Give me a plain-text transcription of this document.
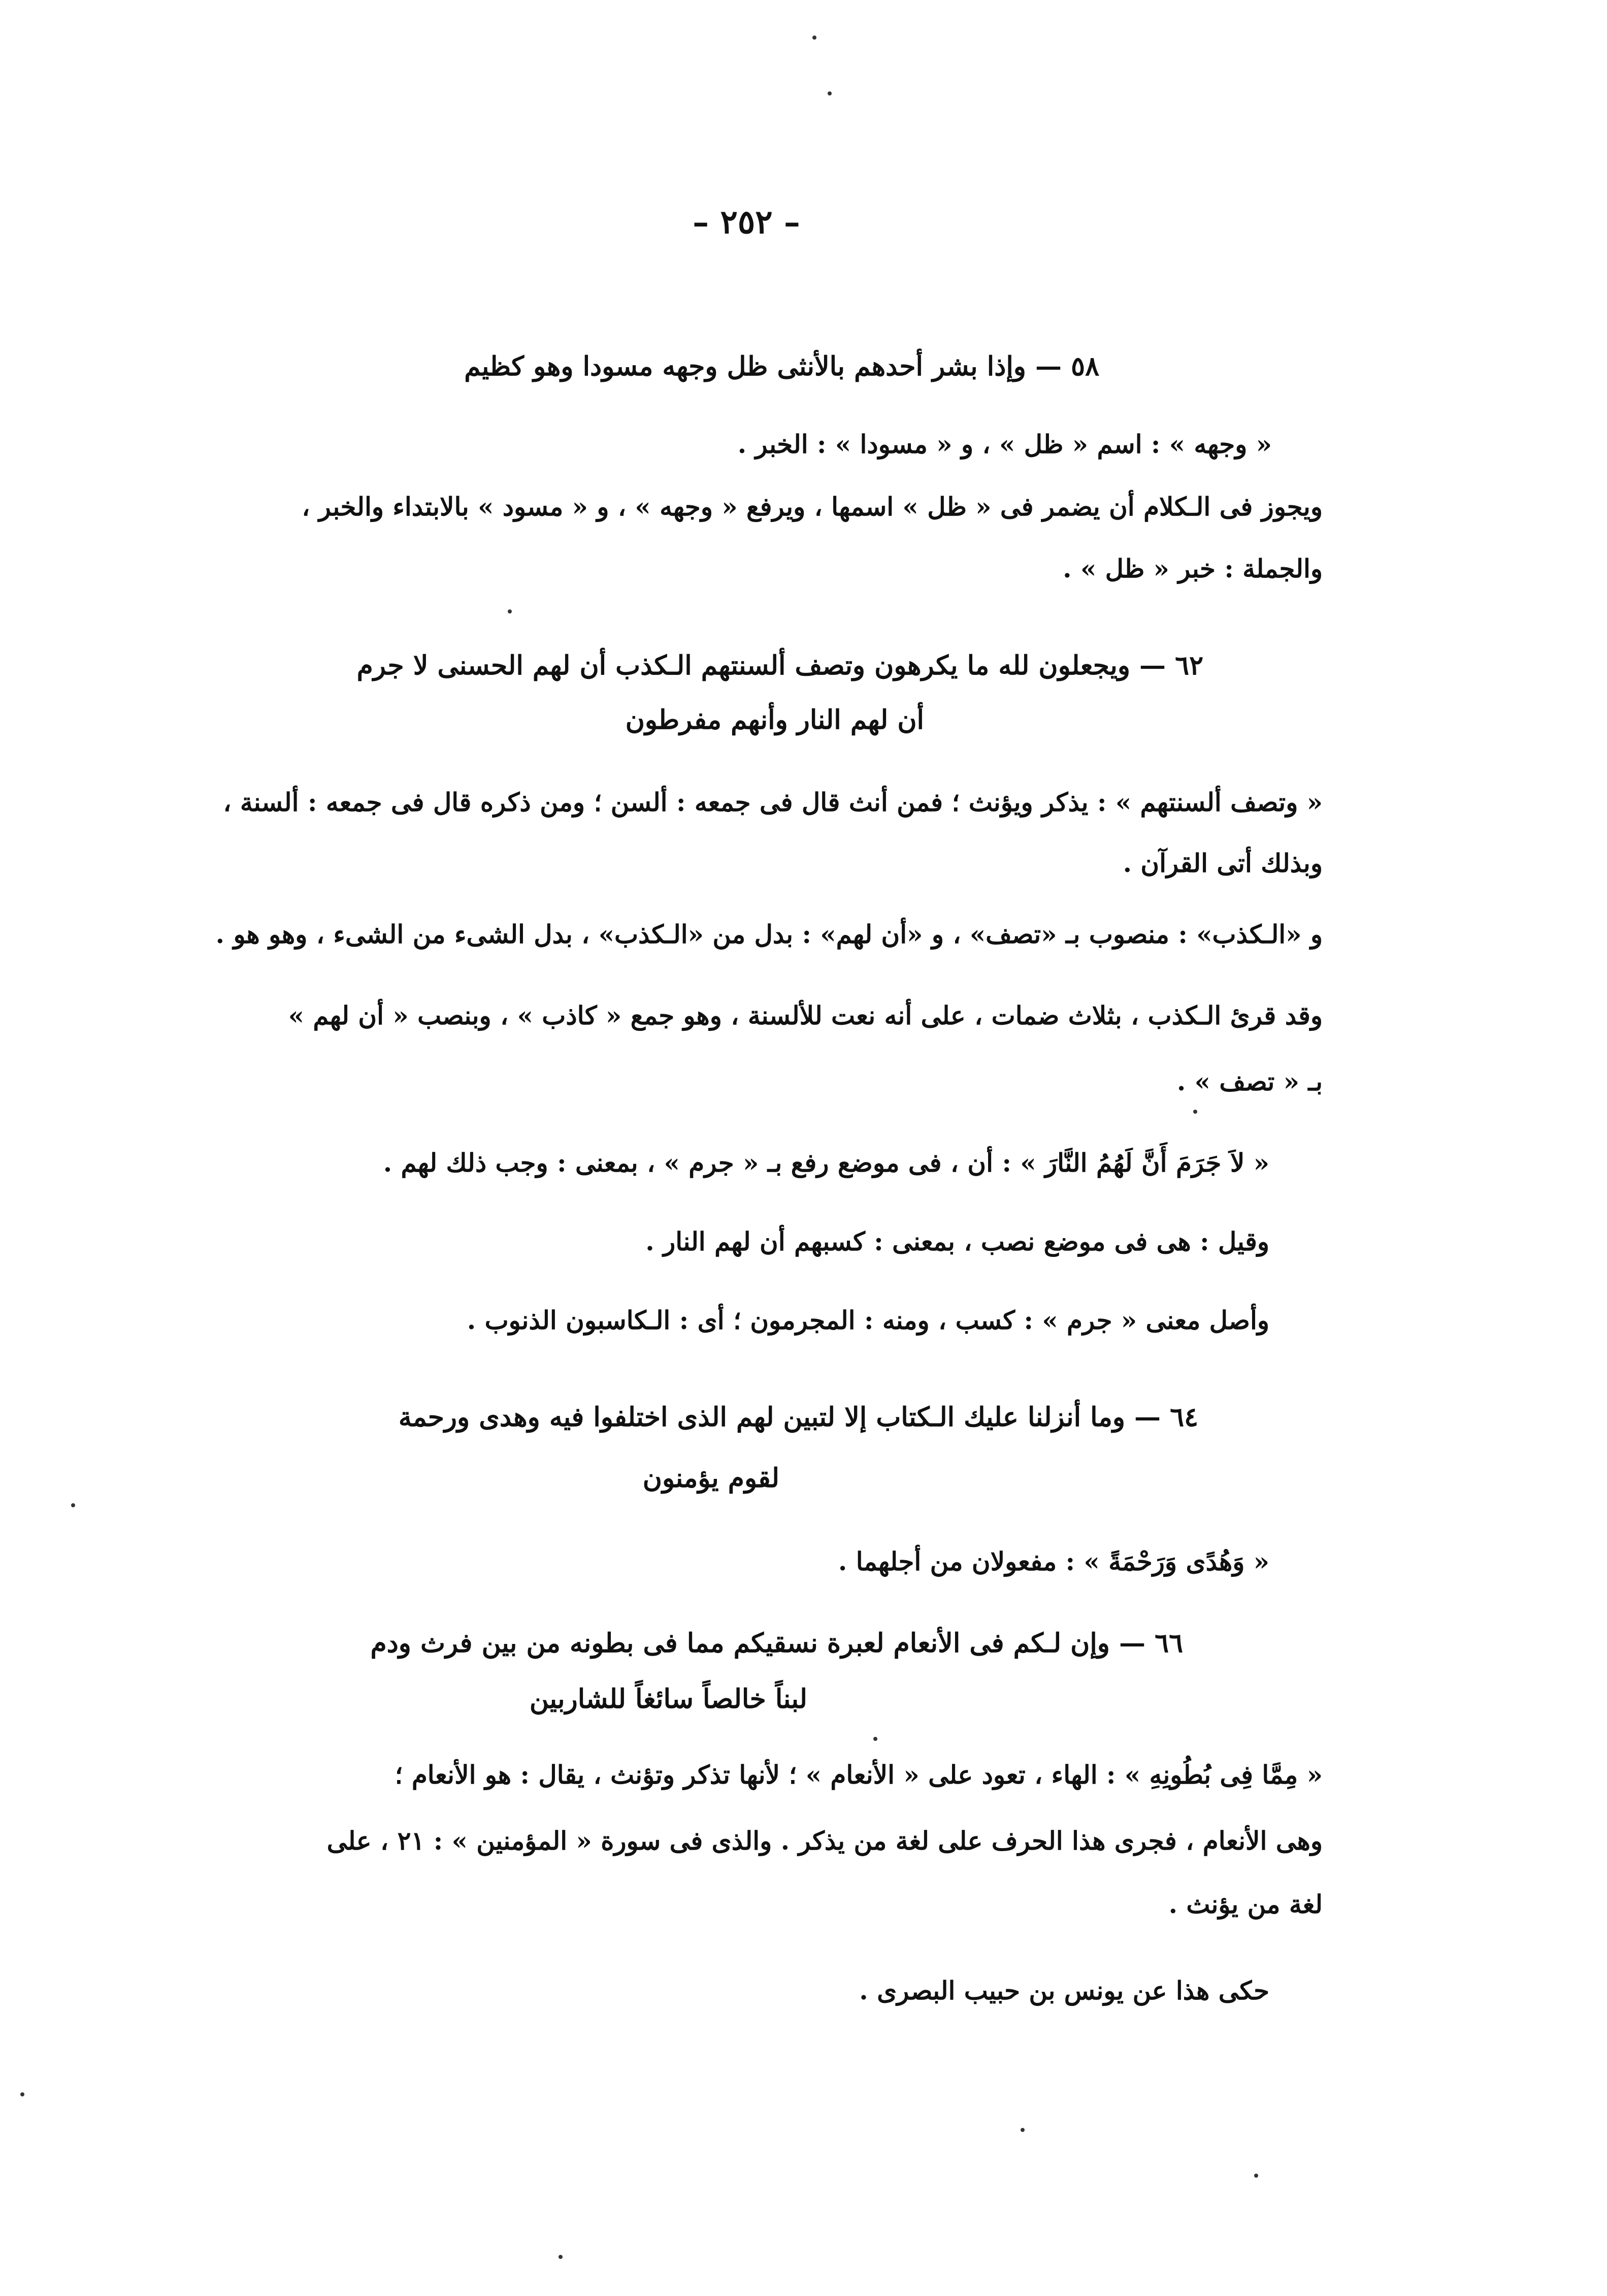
– ٢٥٢ –
٥٨ — وإذا بشر أحدهم بالأنثى ظل وجهه مسودا وهو كظيم
« وجهه » : اسم « ظل » ، و « مسودا » : الخبر .
ويجوز فى الـكلام أن يضمر فى « ظل » اسمها ، ويرفع « وجهه » ، و « مسود » بالابتداء والخبر ،
والجملة : خبر « ظل » .
٦٢ — ويجعلون لله ما يكرهون وتصف ألسنتهم الـكذب أن لهم الحسنى لا جرم
أن لهم النار وأنهم مفرطون
« وتصف ألسنتهم » : يذكر ويؤنث ؛ فمن أنث قال فى جمعه : ألسن ؛ ومن ذكره قال فى جمعه : ألسنة ،
وبذلك أتى القرآن .
و «الـكذب» : منصوب بـ «تصف» ، و «أن لهم» : بدل من «الـكذب» ، بدل الشىء من الشىء ، وهو هو .
وقد قرئ الـكذب ، بثلاث ضمات ، على أنه نعت للألسنة ، وهو جمع « كاذب » ، وبنصب « أن لهم »
بـ « تصف » .
« لاَ جَرَمَ أَنَّ لَهُمُ النَّارَ » : أن ، فى موضع رفع بـ « جرم » ، بمعنى : وجب ذلك لهم .
وقيل : هى فى موضع نصب ، بمعنى : كسبهم أن لهم النار .
وأصل معنى « جرم » : كسب ، ومنه : المجرمون ؛ أى : الـكاسبون الذنوب .
٦٤ — وما أنزلنا عليك الـكتاب إلا لتبين لهم الذى اختلفوا فيه وهدى ورحمة
لقوم يؤمنون
« وَهُدًى وَرَحْمَةً » : مفعولان من أجلهما .
٦٦ — وإن لـكم فى الأنعام لعبرة نسقيكم مما فى بطونه من بين فرث ودم
لبناً خالصاً سائغاً للشاربين
« مِمَّا فِى بُطُونِهِ » : الهاء ، تعود على « الأنعام » ؛ لأنها تذكر وتؤنث ، يقال : هو الأنعام ؛
وهى الأنعام ، فجرى هذا الحرف على لغة من يذكر . والذى فى سورة « المؤمنين » : ٢١ ، على
لغة من يؤنث .
حكى هذا عن يونس بن حبيب البصرى .
